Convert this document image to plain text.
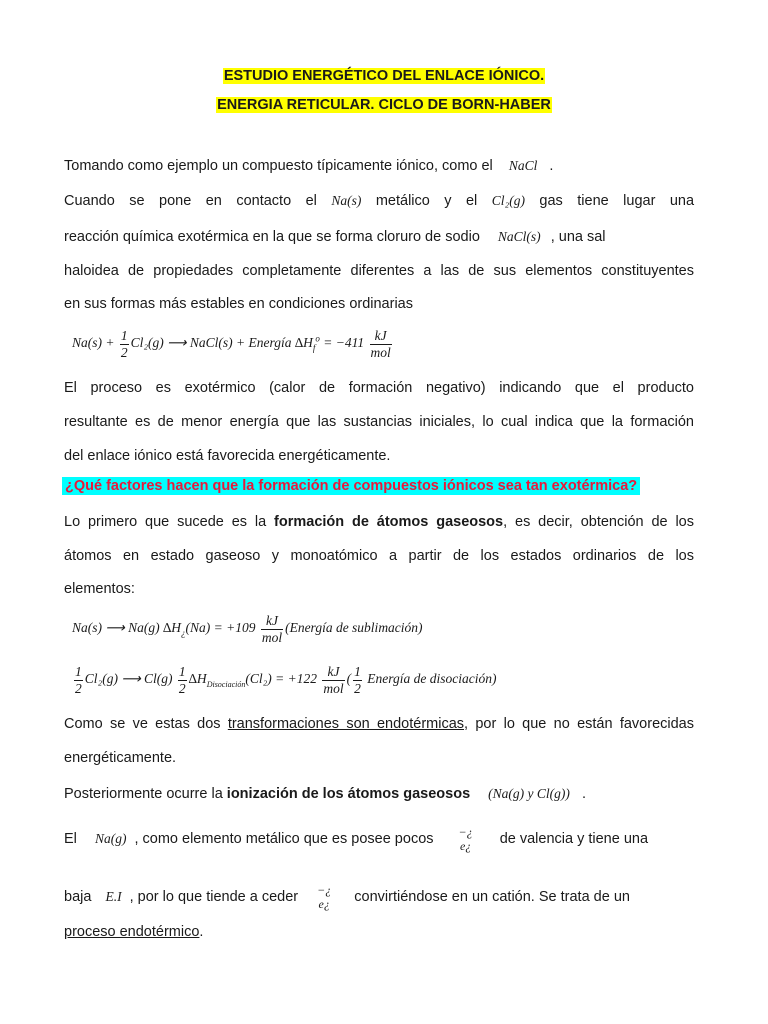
ESTUDIO ENERGÉTICO DEL ENLACE IÓNICO.
ENERGIA RETICULAR. CICLO DE BORN-HABER
Tomando como ejemplo un compuesto típicamente iónico, como el NaCl .
Cuando se pone en contacto el Na(s) metálico y el Cl₂(g) gas tiene lugar una
reacción química exotérmica en la que se forma cloruro de sodio NaCl(s) , una sal
haloidea de propiedades completamente diferentes a las de sus elementos constituyentes
en sus formas más estables en condiciones ordinarias
$Na(s) + \frac{1}{2} Cl_2(g)$ ⟶ NaCl(s) + Energía $\Delta H_f^o = -411 \frac{kJ}{\text{mol}}$
El proceso es exotérmico (calor de formación negativo) indicando que el producto
resultante es de menor energía que las sustancias iniciales, lo cual indica que la formación
del enlace iónico está favorecida energéticamente.
¿Qué factores hacen que la formación de compuestos iónicos sea tan exotérmica?
Lo primero que sucede es la formación de átomos gaseosos, es decir, obtención de los
átomos en estado gaseoso y monoatómico a partir de los estados ordinarios de los
elementos:
Na(s) ⟶ Na(g) $\Delta H_¿(Na) = +109 \frac{kJ}{\text{mol}}$ (Energía de sublimación)
$\frac{1}{2} Cl_2(g)$ ⟶ $Cl(g) \frac{1}{2} \Delta H_{Disociación}(Cl_2) = +122 \frac{kJ}{\text{mol}}$ ( $\frac{1}{2}$ Energía de disociación)
Como se ve estas dos transformaciones son endotérmicas, por lo que no están favorecidas
energéticamente.
Posteriormente ocurre la ionización de los átomos gaseosos (Na(g) y Cl(g)) .
El Na(g) , como elemento metálico que es posee pocos −¿
e¿ de valencia y tiene una
baja E.I , por lo que tiende a ceder −¿
e¿ convirtiéndose en un catión. Se trata de un
proceso endotérmico.
